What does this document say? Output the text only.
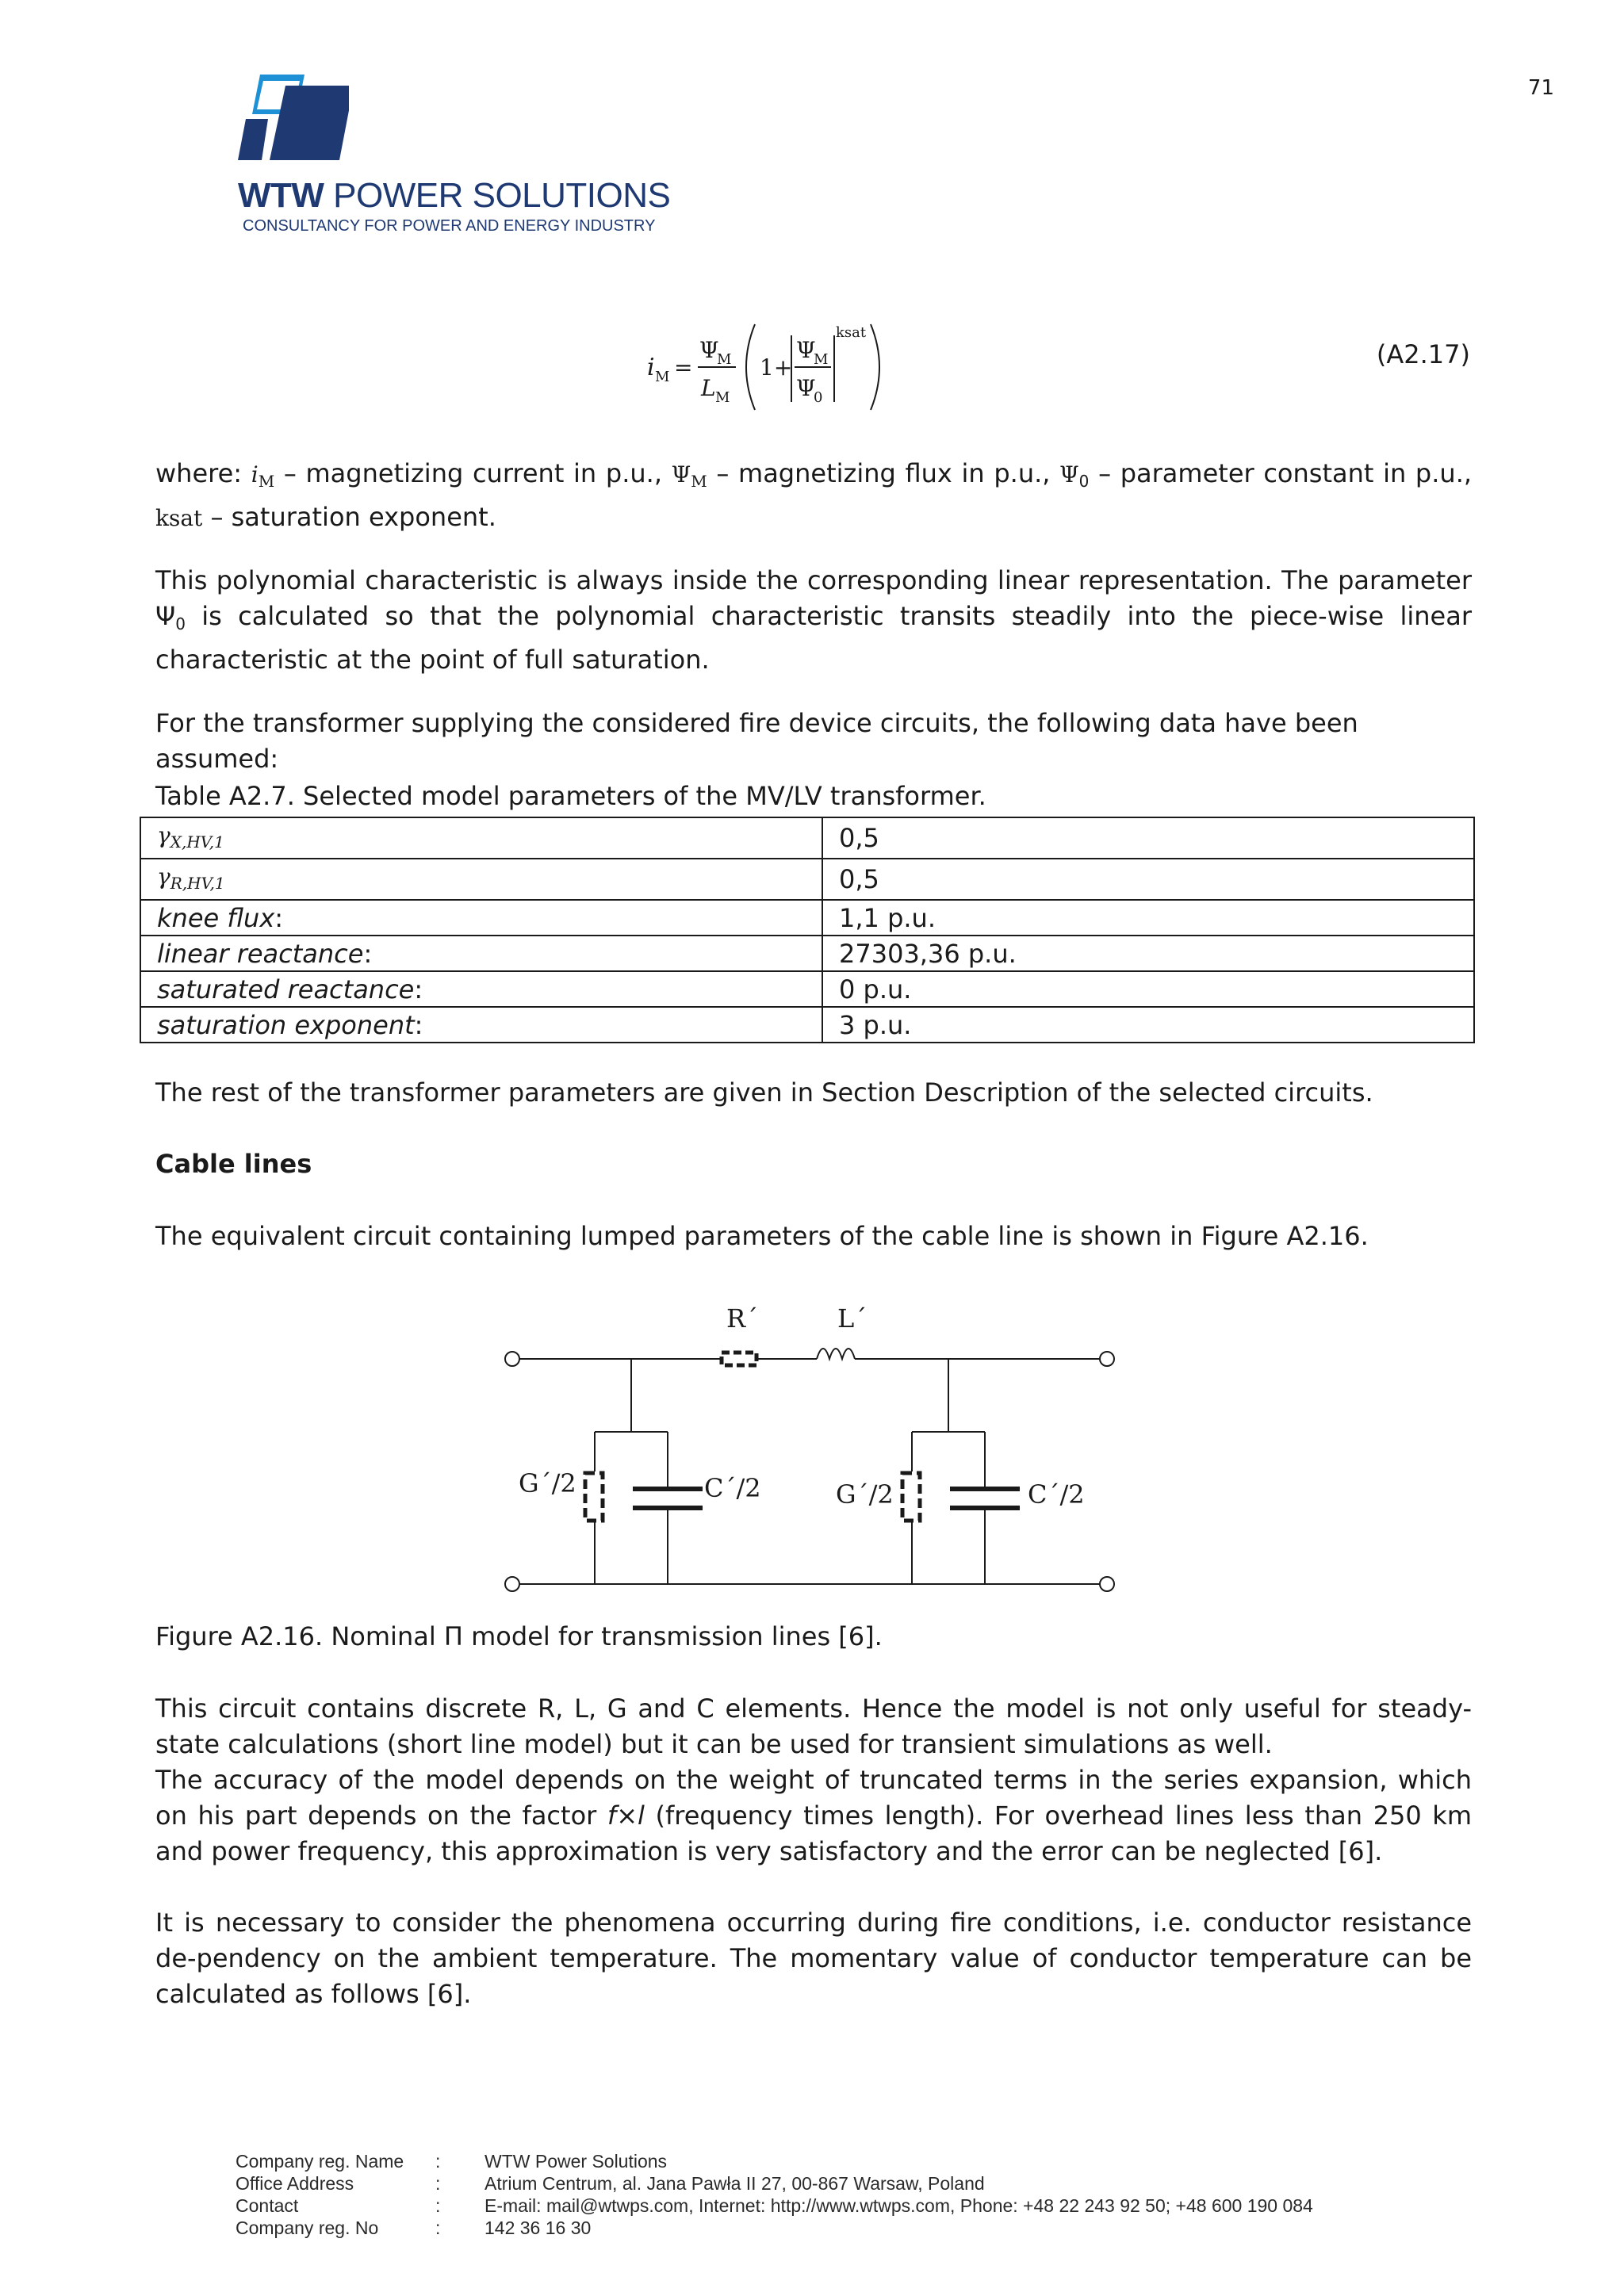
71
WTW POWER SOLUTIONS
CONSULTANCY FOR POWER AND ENERGY INDUSTRY
i M =
Ψ
M
L M
1+
Ψ
M
Ψ
0
ksat
(A2.17)
where: $i_M$ – magnetizing current in p.u., $\Psi_M$ – magnetizing flux in p.u., $\Psi_0$ – parameter constant in p.u., ksat – saturation exponent.
This polynomial characteristic is always inside the corresponding linear representation. The parameter $\Psi_0$ is calculated so that the polynomial characteristic transits steadily into the piece-wise linear characteristic at the point of full saturation.
For the transformer supplying the considered fire device circuits, the following data have been assumed:
Table A2.7. Selected model parameters of the MV/LV transformer.
$\gamma_{X,HV,1}$	0,5
$\gamma_{R,HV,1}$	0,5
knee flux:	1,1 p.u.
linear reactance:	27303,36 p.u.
saturated reactance:	0 p.u.
saturation exponent:	3 p.u.
The rest of the transformer parameters are given in Section Description of the selected circuits.
Cable lines
The equivalent circuit containing lumped parameters of the cable line is shown in Figure A2.16.
R´	L´
G´/2	C´/2	G´/2	C´/2
Figure A2.16. Nominal Π model for transmission lines [6].
This circuit contains discrete R, L, G and C elements. Hence the model is not only useful for steady-state calculations (short line model) but it can be used for transient simulations as well.
The accuracy of the model depends on the weight of truncated terms in the series expansion, which on his part depends on the factor f×l (frequency times length). For overhead lines less than 250 km and power frequency, this approximation is very satisfactory and the error can be neglected [6].
It is necessary to consider the phenomena occurring during fire conditions, i.e. conductor resistance de-pendency on the ambient temperature. The momentary value of conductor temperature can be calculated as follows [6].
Company reg. Name : WTW Power Solutions
Office Address	: Atrium Centrum, al. Jana Pawła II 27, 00-867 Warsaw, Poland
Contact	: E-mail: mail@wtwps.com, Internet: http://www.wtwps.com, Phone: +48 22 243 92 50; +48 600 190 084
Company reg. No	: 142 36 16 30
